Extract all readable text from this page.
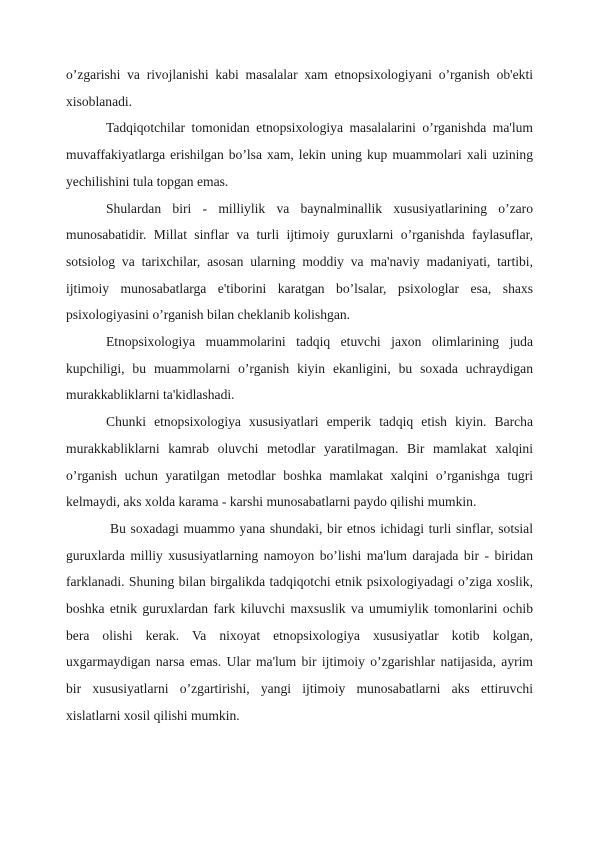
o’zgarishi va rivojlanishi kabi masalalar xam etnopsixologiyani o’rganish ob'ekti xisoblanadi.

Tadqiqotchilar tomonidan etnopsixologiya masalalarini o’rganishda ma'lum muvaffakiyatlarga erishilgan bo’lsa xam, lekin uning kup muammolari xali uzining yechilishini tula topgan emas.

Shulardan biri - milliylik va baynalminallik xususiyatlarining o’zaro munosabatidir. Millat sinflar va turli ijtimoiy guruxlarni o’rganishda faylasuflar, sotsiolog va tarixchilar, asosan ularning moddiy va ma'naviy madaniyati, tartibi, ijtimoiy munosabatlarga e'tiborini karatgan bo’lsalar, psixologlar esa, shaxs psixologiyasini o’rganish bilan cheklanib kolishgan.

Etnopsixologiya muammolarini tadqiq etuvchi jaxon olimlarining juda kupchiligi, bu muammolarni o’rganish kiyin ekanligini, bu soxada uchraydigan murakkabliklarni ta'kidlashadi.

Chunki etnopsixologiya xususiyatlari emperik tadqiq etish kiyin. Barcha murakkabliklarni kamrab oluvchi metodlar yaratilmagan. Bir mamlakat xalqini o’rganish uchun yaratilgan metodlar boshka mamlakat xalqini o’rganishga tugri kelmaydi, aks xolda karama - karshi munosabatlarni paydo qilishi mumkin.

Bu soxadagi muammo yana shundaki, bir etnos ichidagi turli sinflar, sotsial guruxlarda milliy xususiyatlarning namoyon bo’lishi ma'lum darajada bir - biridan farklanadi. Shuning bilan birgalikda tadqiqotchi etnik psixologiyadagi o’ziga xoslik, boshka etnik guruxlardan fark kiluvchi maxsuslik va umumiylik tomonlarini ochib bera olishi kerak. Va nixoyat etnopsixologiya xususiyatlar kotib kolgan, uxgarmaydigan narsa emas. Ular ma'lum bir ijtimoiy o’zgarishlar natijasida, ayrim bir xususiyatlarni o’zgartirishi, yangi ijtimoiy munosabatlarni aks ettiruvchi xislatlarni xosil qilishi mumkin.
